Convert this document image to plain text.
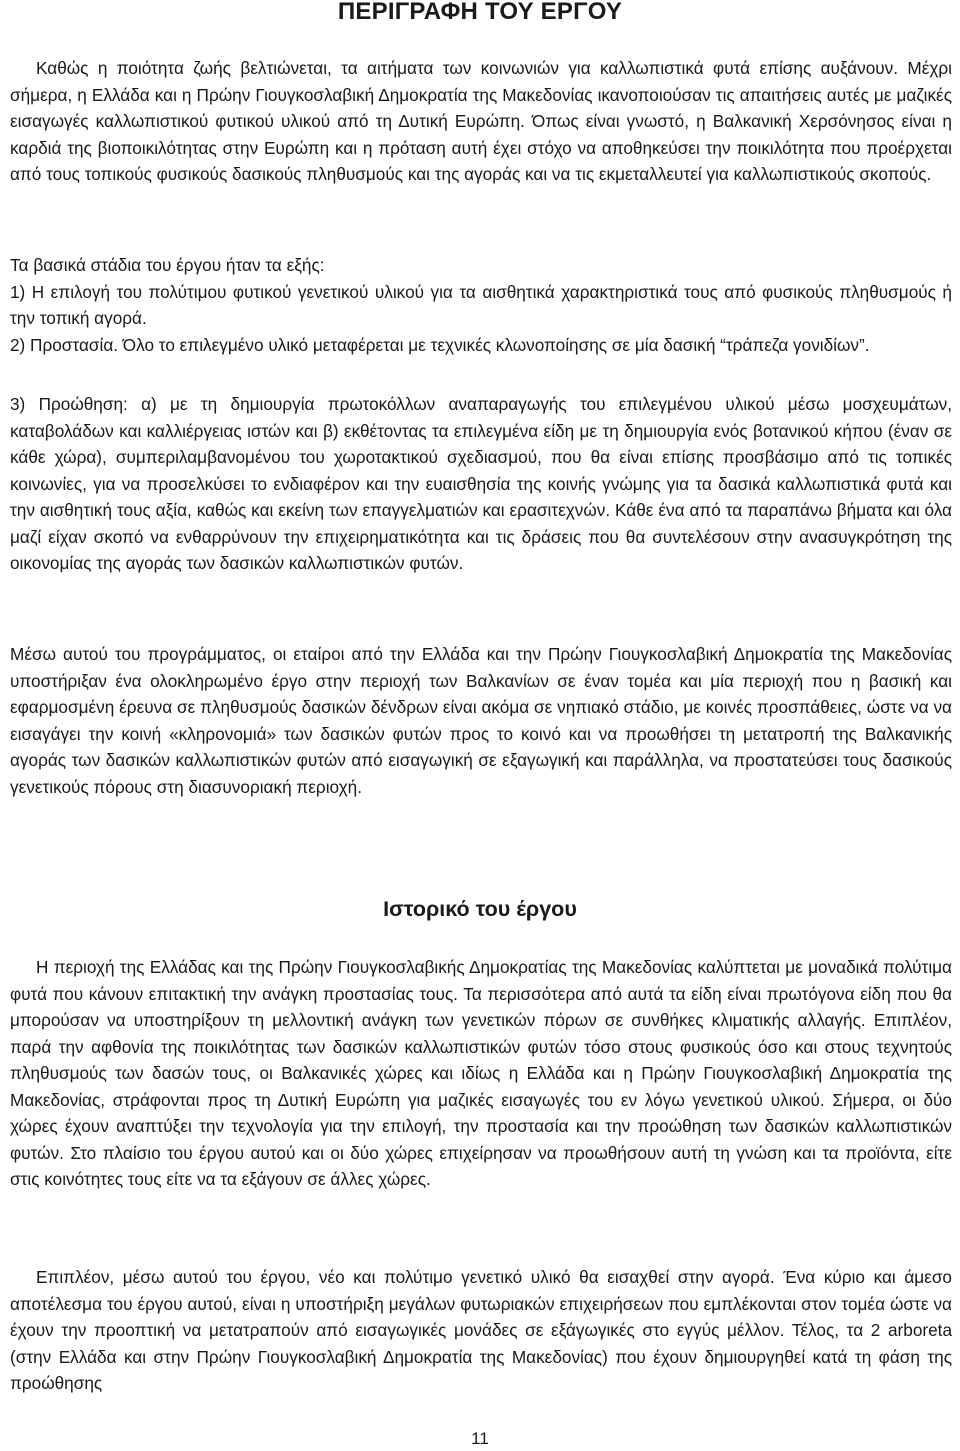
ΠΕΡΙΓΡΑΦΗ ΤΟΥ ΕΡΓΟΥ

Καθώς η ποιότητα ζωής βελτιώνεται, τα αιτήματα των κοινωνιών για καλλωπιστικά φυτά επίσης αυξάνουν. Μέχρι σήμερα, η Ελλάδα και η Πρώην Γιουγκοσλαβική Δημοκρατία της Μακεδονίας ικανοποιούσαν τις απαιτήσεις αυτές με μαζικές εισαγωγές καλλωπιστικού φυτικού υλικού από τη Δυτική Ευρώπη. Όπως είναι γνωστό, η Βαλκανική Χερσόνησος είναι η καρδιά της βιοποικιλότητας στην Ευρώπη και η πρόταση αυτή έχει στόχο να αποθηκεύσει την ποικιλότητα που προέρχεται από τους τοπικούς φυσικούς δασικούς πληθυσμούς και της αγοράς και να τις εκμεταλλευτεί για καλλωπιστικούς σκοπούς.

Τα βασικά στάδια του έργου ήταν τα εξής:

1) Η επιλογή του πολύτιμου φυτικού γενετικού υλικού για τα αισθητικά χαρακτηριστικά τους από φυσικούς πληθυσμούς ή την τοπική αγορά.

2) Προστασία. Όλο το επιλεγμένο υλικό μεταφέρεται με τεχνικές κλωνοποίησης σε μία δασική “τράπεζα γονιδίων”.

3) Προώθηση: α) με τη δημιουργία πρωτοκόλλων αναπαραγωγής του επιλεγμένου υλικού μέσω μοσχευμάτων, καταβολάδων και καλλιέργειας ιστών και β) εκθέτοντας τα επιλεγμένα είδη με τη δημιουργία ενός βοτανικού κήπου (έναν σε κάθε χώρα), συμπεριλαμβανομένου του χωροτακτικού σχεδιασμού, που θα είναι επίσης προσβάσιμο από τις τοπικές κοινωνίες, για να προσελκύσει το ενδιαφέρον και την ευαισθησία της κοινής γνώμης για τα δασικά καλλωπιστικά φυτά και την αισθητική τους αξία, καθώς και εκείνη των επαγγελματιών και ερασιτεχνών. Κάθε ένα από τα παραπάνω βήματα και όλα μαζί είχαν σκοπό να ενθαρρύνουν την επιχειρηματικότητα και τις δράσεις που θα συντελέσουν στην ανασυγκρότηση της οικονομίας της αγοράς των δασικών καλλωπιστικών φυτών.

Μέσω αυτού του προγράμματος, οι εταίροι από την Ελλάδα και την Πρώην Γιουγκοσλαβική Δημοκρατία της Μακεδονίας υποστήριξαν ένα ολοκληρωμένο έργο στην περιοχή των Βαλκανίων σε έναν τομέα και μία περιοχή που η βασική και εφαρμοσμένη έρευνα σε πληθυσμούς δασικών δένδρων είναι ακόμα σε νηπιακό στάδιο, με κοινές προσπάθειες, ώστε να να εισαγάγει την κοινή «κληρονομιά» των δασικών φυτών προς το κοινό και να προωθήσει τη μετατροπή της Βαλκανικής αγοράς των δασικών καλλωπιστικών φυτών από εισαγωγική σε εξαγωγική και παράλληλα, να προστατεύσει τους δασικούς γενετικούς πόρους στη διασυνοριακή περιοχή.

Ιστορικό του έργου

Η περιοχή της Ελλάδας και της Πρώην Γιουγκοσλαβικής Δημοκρατίας της Μακεδονίας καλύπτεται με μοναδικά πολύτιμα φυτά που κάνουν επιτακτική την ανάγκη προστασίας τους. Τα περισσότερα από αυτά τα είδη είναι πρωτόγονα είδη που θα μπορούσαν να υποστηρίξουν τη μελλοντική ανάγκη των γενετικών πόρων σε συνθήκες κλιματικής αλλαγής. Επιπλέον, παρά την αφθονία της ποικιλότητας των δασικών καλλωπιστικών φυτών τόσο στους φυσικούς όσο και στους τεχνητούς πληθυσμούς των δασών τους, οι Βαλκανικές χώρες και ιδίως η Ελλάδα και η Πρώην Γιουγκοσλαβική Δημοκρατία της Μακεδονίας, στράφονται προς τη Δυτική Ευρώπη για μαζικές εισαγωγές του εν λόγω γενετικού υλικού. Σήμερα, οι δύο χώρες έχουν αναπτύξει την τεχνολογία για την επιλογή, την προστασία και την προώθηση των δασικών καλλωπιστικών φυτών. Στο πλαίσιο του έργου αυτού και οι δύο χώρες επιχείρησαν να προωθήσουν αυτή τη γνώση και τα προϊόντα, είτε στις κοινότητες τους είτε να τα εξάγουν σε άλλες χώρες.

Επιπλέον, μέσω αυτού του έργου, νέο και πολύτιμο γενετικό υλικό θα εισαχθεί στην αγορά. Ένα κύριο και άμεσο αποτέλεσμα του έργου αυτού, είναι η υποστήριξη μεγάλων φυτωριακών επιχειρήσεων που εμπλέκονται στον τομέα ώστε να έχουν την προοπτική να μετατραπούν από εισαγωγικές μονάδες σε εξάγωγικές στο εγγύς μέλλον. Τέλος, τα 2 arboreta (στην Ελλάδα και στην Πρώην Γιουγκοσλαβική Δημοκρατία της Μακεδονίας) που έχουν δημιουργηθεί κατά τη φάση της προώθησης

11
